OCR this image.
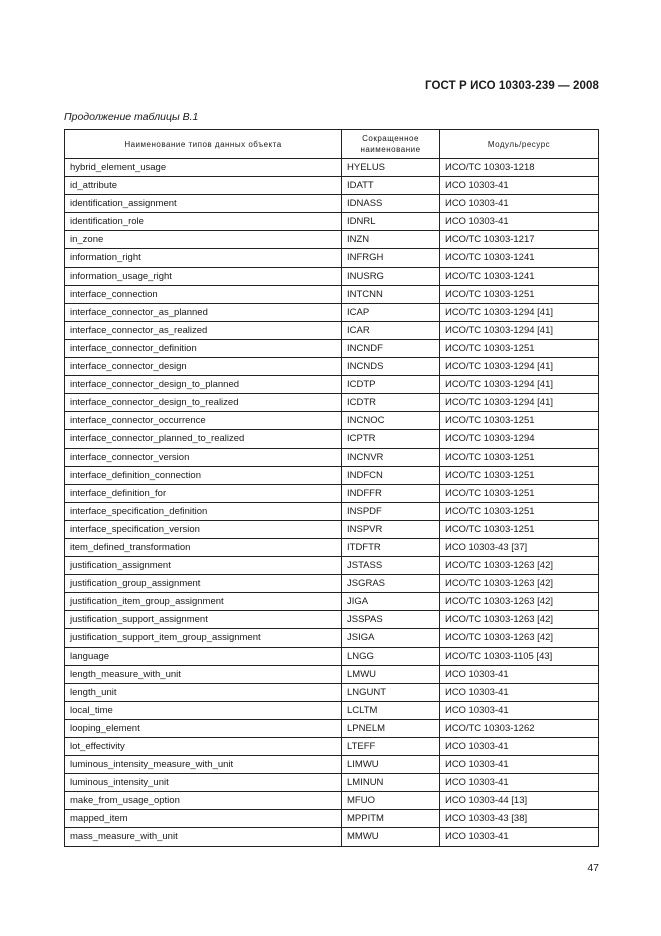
ГОСТ Р ИСО 10303-239 — 2008
Продолжение таблицы В.1
Наименование типов данных объекта	Сокращенное наименование	Модуль/ресурс
hybrid_element_usage	HYELUS	ИСО/ТС 10303-1218
id_attribute	IDATT	ИСО 10303-41
identification_assignment	IDNASS	ИСО 10303-41
identification_role	IDNRL	ИСО 10303-41
in_zone	INZN	ИСО/ТС 10303-1217
information_right	INFRGH	ИСО/ТС 10303-1241
information_usage_right	INUSRG	ИСО/ТС 10303-1241
interface_connection	INTCNN	ИСО/ТС 10303-1251
interface_connector_as_planned	ICAP	ИСО/ТС 10303-1294 [41]
interface_connector_as_realized	ICAR	ИСО/ТС 10303-1294 [41]
interface_connector_definition	INCNDF	ИСО/ТС 10303-1251
interface_connector_design	INCNDS	ИСО/ТС 10303-1294 [41]
interface_connector_design_to_planned	ICDTP	ИСО/ТС 10303-1294 [41]
interface_connector_design_to_realized	ICDTR	ИСО/ТС 10303-1294 [41]
interface_connector_occurrence	INCNOC	ИСО/ТС 10303-1251
interface_connector_planned_to_realized	ICPTR	ИСО/ТС 10303-1294
interface_connector_version	INCNVR	ИСО/ТС 10303-1251
interface_definition_connection	INDFCN	ИСО/ТС 10303-1251
interface_definition_for	INDFFR	ИСО/ТС 10303-1251
interface_specification_definition	INSPDF	ИСО/ТС 10303-1251
interface_specification_version	INSPVR	ИСО/ТС 10303-1251
item_defined_transformation	ITDFTR	ИСО 10303-43 [37]
justification_assignment	JSTASS	ИСО/ТС 10303-1263 [42]
justification_group_assignment	JSGRAS	ИСО/ТС 10303-1263 [42]
justification_item_group_assignment	JIGA	ИСО/ТС 10303-1263 [42]
justification_support_assignment	JSSPAS	ИСО/ТС 10303-1263 [42]
justification_support_item_group_assignment	JSIGA	ИСО/ТС 10303-1263 [42]
language	LNGG	ИСО/ТС 10303-1105 [43]
length_measure_with_unit	LMWU	ИСО 10303-41
length_unit	LNGUNT	ИСО 10303-41
local_time	LCLTM	ИСО 10303-41
looping_element	LPNELM	ИСО/ТС 10303-1262
lot_effectivity	LTEFF	ИСО 10303-41
luminous_intensity_measure_with_unit	LIMWU	ИСО 10303-41
luminous_intensity_unit	LMINUN	ИСО 10303-41
make_from_usage_option	MFUO	ИСО 10303-44 [13]
mapped_item	MPPITM	ИСО 10303-43 [38]
mass_measure_with_unit	MMWU	ИСО 10303-41
47
